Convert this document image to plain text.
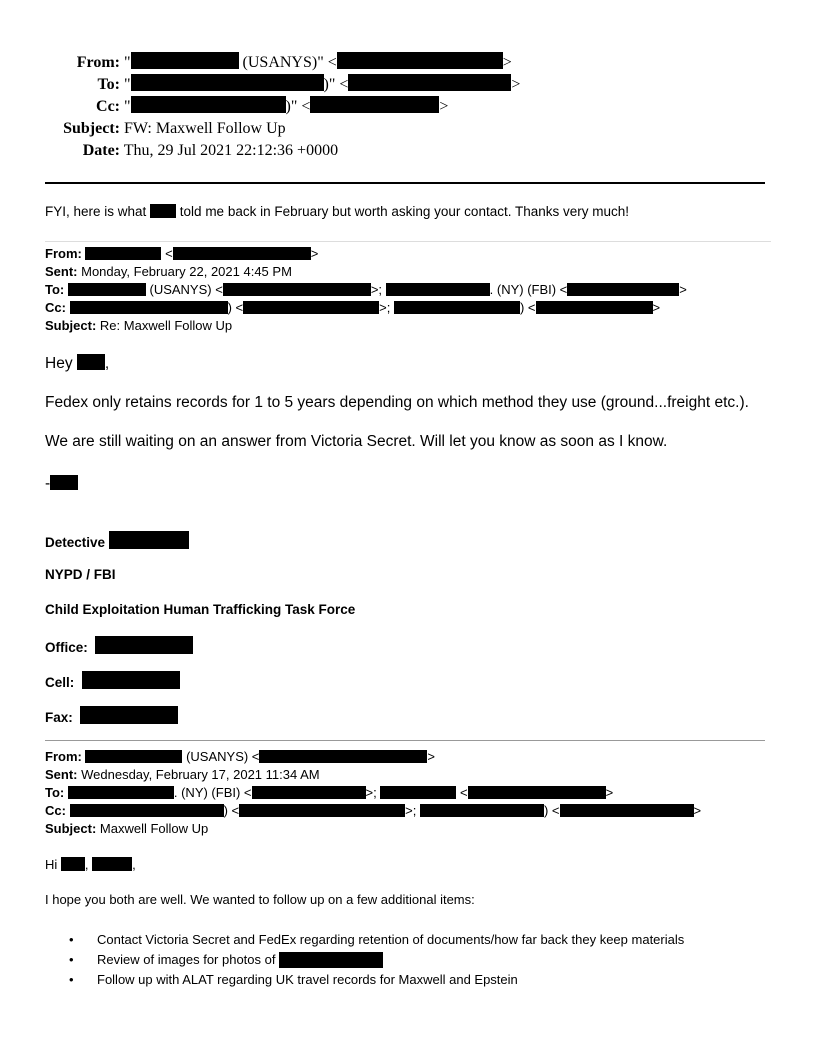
From: "	(USANYS)" <	>
To: "	)" <	>
Cc: "	)" <	>
Subject: FW: Maxwell Follow Up
Date: Thu, 29 Jul 2021 22:12:36 +0000
FYI, here is what  told me back in February but worth asking your contact. Thanks very much!
From:	<	>
Sent: Monday, February 22, 2021 4:45 PM
To:	(USANYS) <	>;	. (NY) (FBI) <	>
Cc:	) <	>;	) <	>
Subject: Re: Maxwell Follow Up
Hey ,
Fedex only retains records for 1 to 5 years depending on which method they use (ground...freight etc.).
We are still waiting on an answer from Victoria Secret. Will let you know as soon as I know.
-
Detective
NYPD / FBI
Child Exploitation Human Trafficking Task Force
Office:
Cell:
Fax:
From:	(USANYS) <	>
Sent: Wednesday, February 17, 2021 11:34 AM
To:	. (NY) (FBI) <	>;	<	>
Cc:	) <	>;	) <	>
Subject: Maxwell Follow Up
Hi ,	,
I hope you both are well. We wanted to follow up on a few additional items:
• Contact Victoria Secret and FedEx regarding retention of documents/how far back they keep materials
• Review of images for photos of
• Follow up with ALAT regarding UK travel records for Maxwell and Epstein
